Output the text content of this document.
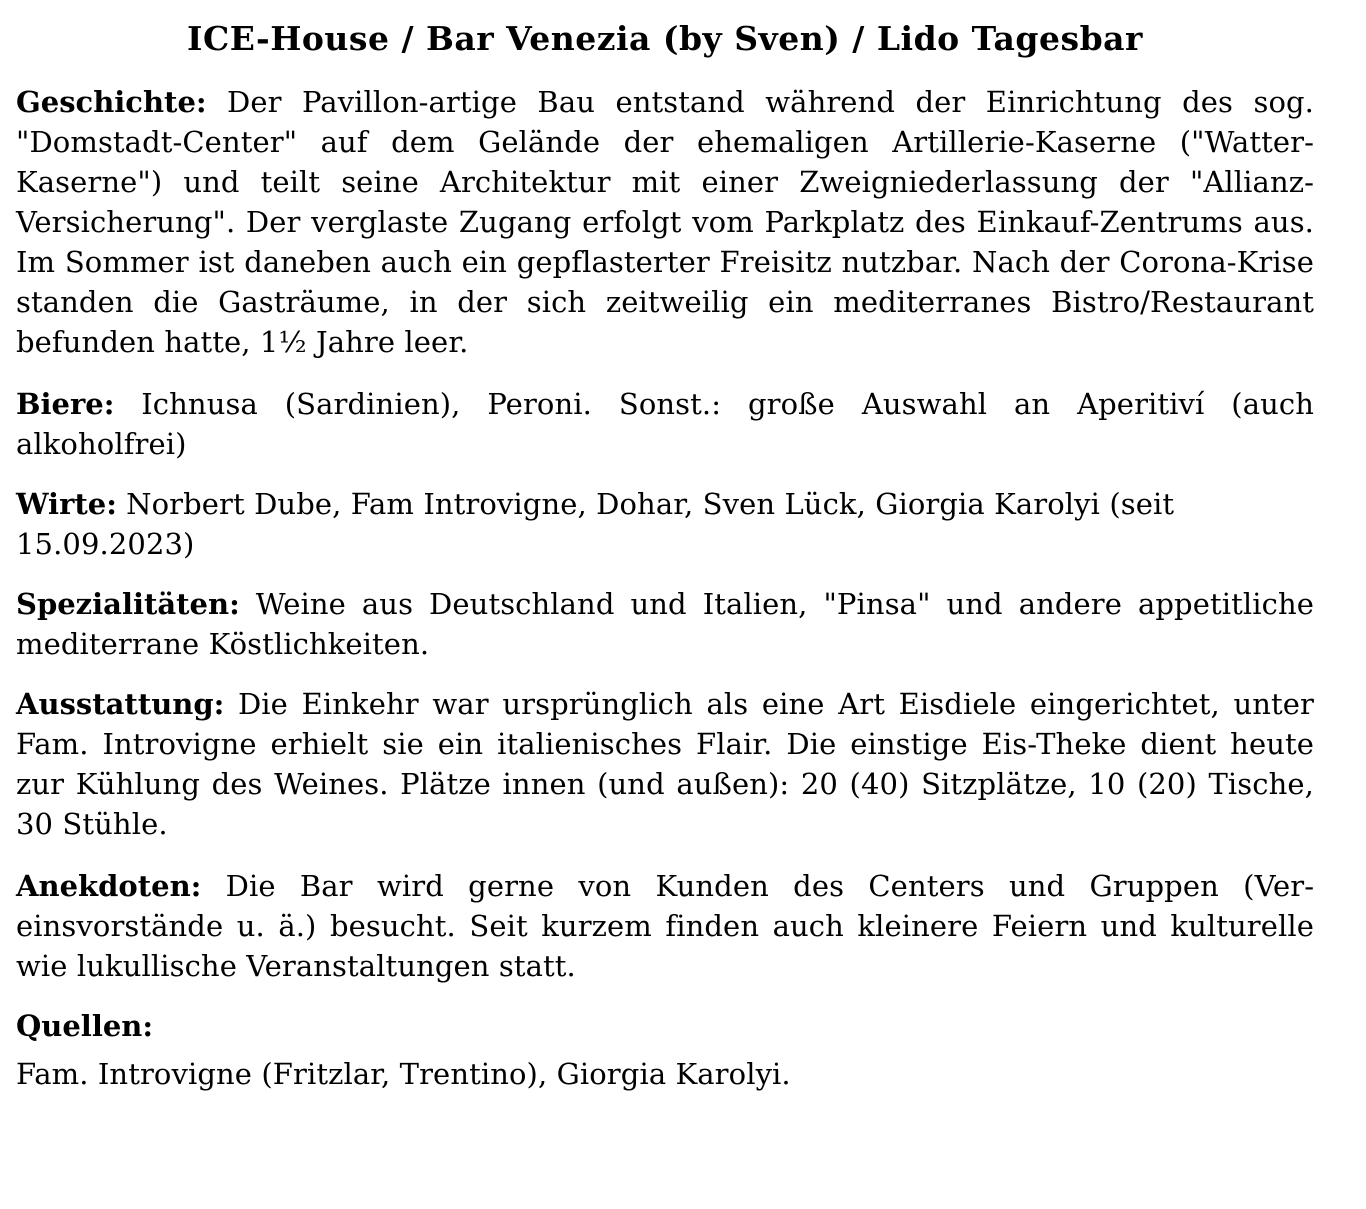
ICE-House / Bar Venezia (by Sven) / Lido Tagesbar

Geschichte: Der Pavillon-artige Bau entstand während der Einrichtung des sog. "Domstadt-Center" auf dem Gelände der ehemaligen Artillerie-Kaserne ("Watter-Kaserne") und teilt seine Architektur mit einer Zweigniederlassung der "Allianz-Versicherung". Der verglaste Zugang erfolgt vom Parkplatz des Einkauf-Zentrums aus. Im Sommer ist daneben auch ein gepflasterter Freisitz nutzbar. Nach der Corona-Krise standen die Gasträume, in der sich zeitweilig ein mediterranes Bistro/Restaurant befunden hatte, 1½ Jahre leer.

Biere: Ichnusa (Sardinien), Peroni. Sonst.: große Auswahl an Aperitiví (auch alkoholfrei)

Wirte: Norbert Dube, Fam Introvigne, Dohar, Sven Lück, Giorgia Karolyi (seit 15.09.2023)

Spezialitäten: Weine aus Deutschland und Italien, "Pinsa" und andere appetitliche mediterrane Köstlichkeiten.

Ausstattung: Die Einkehr war ursprünglich als eine Art Eisdiele eingerichtet, unter Fam. Introvigne erhielt sie ein italienisches Flair. Die einstige Eis-Theke dient heute zur Kühlung des Weines. Plätze innen (und außen): 20 (40) Sitzplätze, 10 (20) Tische, 30 Stühle.

Anekdoten: Die Bar wird gerne von Kunden des Centers und Gruppen (Vereinsvorstände u. ä.) besucht. Seit kurzem finden auch kleinere Feiern und kulturelle wie lukullische Veranstaltungen statt.

Quellen:

Fam. Introvigne (Fritzlar, Trentino), Giorgia Karolyi.
